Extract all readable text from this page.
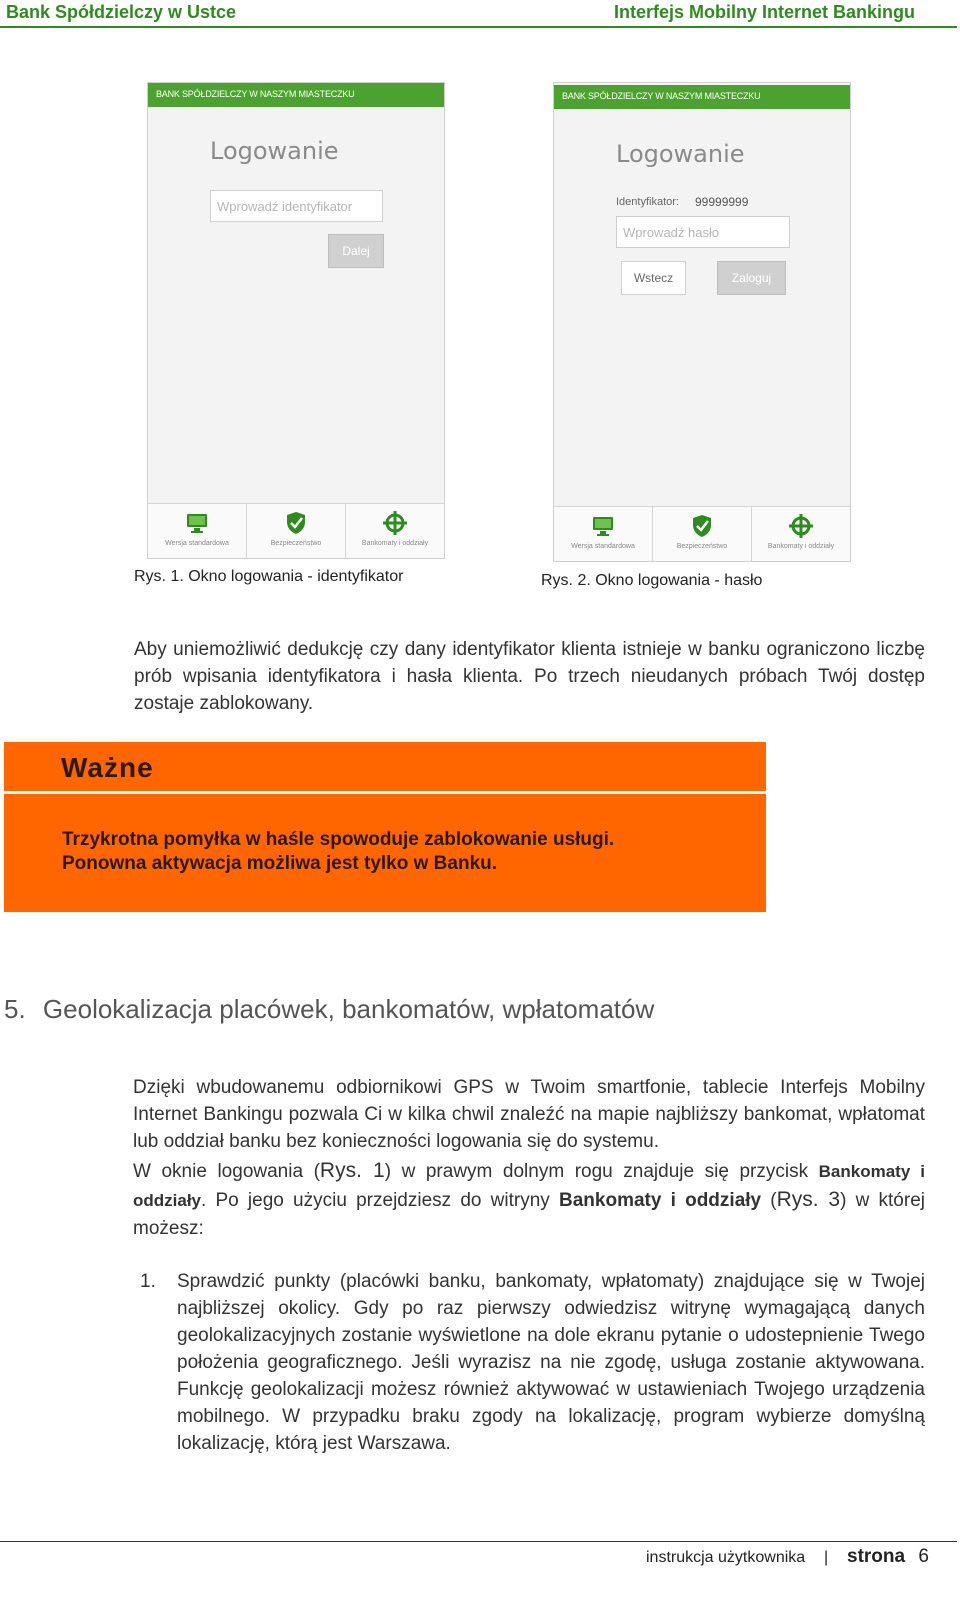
Bank Spółdzielczy w Ustce	Interfejs Mobilny Internet Bankingu
BANK SPÓŁDZIELCZY W NASZYM MIASTECZKU
Logowanie
Wprowadź identyfikator
Dalej
Wersja standardowa	Bezpieczeństwo	Bankomaty i oddziały
BANK SPÓŁDZIELCZY W NASZYM MIASTECZKU
Logowanie
Identyfikator: 99999999
Wprowadź hasło
Wstecz	Zaloguj
Wersja standardowa	Bezpieczeństwo	Bankomaty i oddziały
Rys. 1. Okno logowania - identyfikator	Rys. 2. Okno logowania - hasło
Aby uniemożliwić dedukcję czy dany identyfikator klienta istnieje w banku ograniczono liczbę prób wpisania identyfikatora i hasła klienta. Po trzech nieudanych próbach Twój dostęp zostaje zablokowany.
Ważne
Trzykrotna pomyłka w haśle spowoduje zablokowanie usługi.
Ponowna aktywacja możliwa jest tylko w Banku.
5. Geolokalizacja placówek, bankomatów, wpłatomatów
Dzięki wbudowanemu odbiornikowi GPS w Twoim smartfonie, tablecie Interfejs Mobilny Internet Bankingu pozwala Ci w kilka chwil znaleźć na mapie najbliższy bankomat, wpłatomat lub oddział banku bez konieczności logowania się do systemu.
W oknie logowania (Rys. 1) w prawym dolnym rogu znajduje się przycisk Bankomaty i oddziały. Po jego użyciu przejdziesz do witryny Bankomaty i oddziały (Rys. 3) w której możesz:
1. Sprawdzić punkty (placówki banku, bankomaty, wpłatomaty) znajdujące się w Twojej najbliższej okolicy. Gdy po raz pierwszy odwiedzisz witrynę wymagającą danych geolokalizacyjnych zostanie wyświetlone na dole ekranu pytanie o udostepnienie Twego położenia geograficznego. Jeśli wyrazisz na nie zgodę, usługa zostanie aktywowana. Funkcję geolokalizacji możesz również aktywować w ustawieniach Twojego urządzenia mobilnego. W przypadku braku zgody na lokalizację, program wybierze domyślną lokalizację, którą jest Warszawa.
instrukcja użytkownika | strona 6
